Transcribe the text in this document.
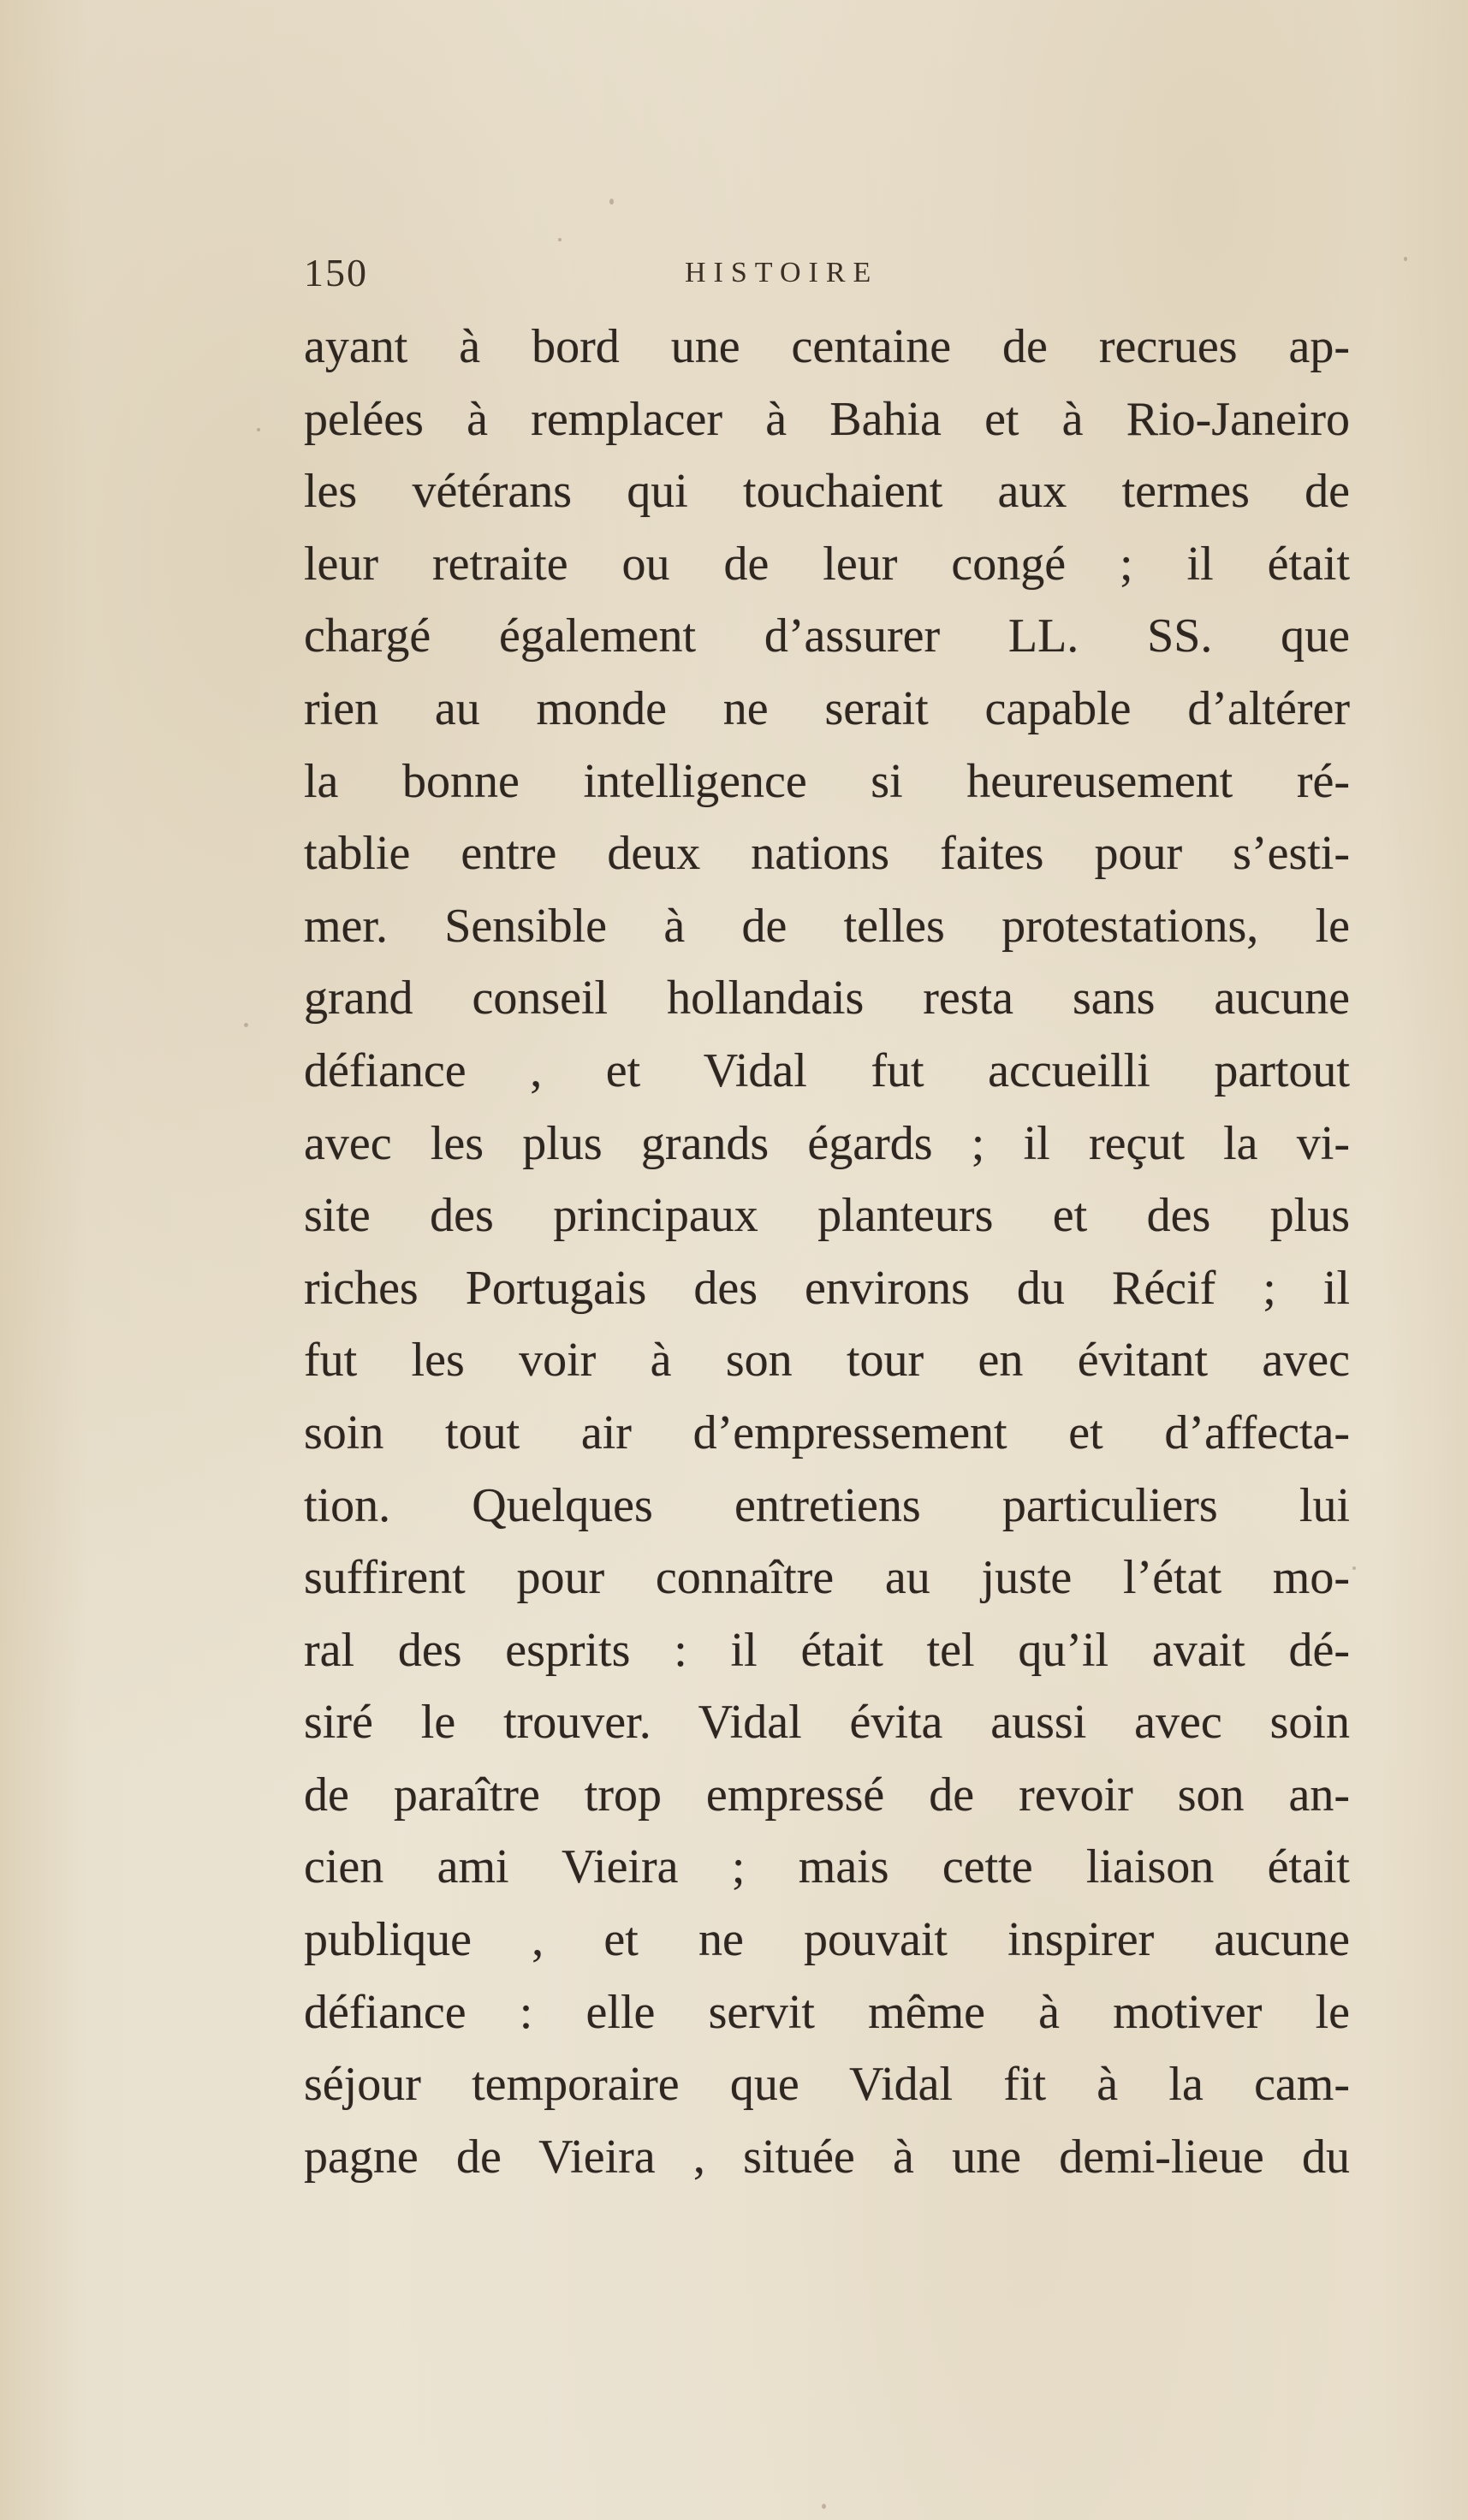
150	HISTOIRE
ayant à bord une centaine de recrues ap-
pelées à remplacer à Bahia et à Rio-Janeiro
les vétérans qui touchaient aux termes de
leur retraite ou de leur congé ; il était
chargé également d’assurer LL. SS. que
rien au monde ne serait capable d’altérer
la bonne intelligence si heureusement ré-
tablie entre deux nations faites pour s’esti-
mer. Sensible à de telles protestations, le
grand conseil hollandais resta sans aucune
défiance , et Vidal fut accueilli partout
avec les plus grands égards ; il reçut la vi-
site des principaux planteurs et des plus
riches Portugais des environs du Récif ; il
fut les voir à son tour en évitant avec
soin tout air d’empressement et d’affecta-
tion. Quelques entretiens particuliers lui
suffirent pour connaître au juste l’état mo-
ral des esprits : il était tel qu’il avait dé-
siré le trouver. Vidal évita aussi avec soin
de paraître trop empressé de revoir son an-
cien ami Vieira ; mais cette liaison était
publique , et ne pouvait inspirer aucune
défiance : elle servit même à motiver le
séjour temporaire que Vidal fit à la cam-
pagne de Vieira , située à une demi-lieue du
